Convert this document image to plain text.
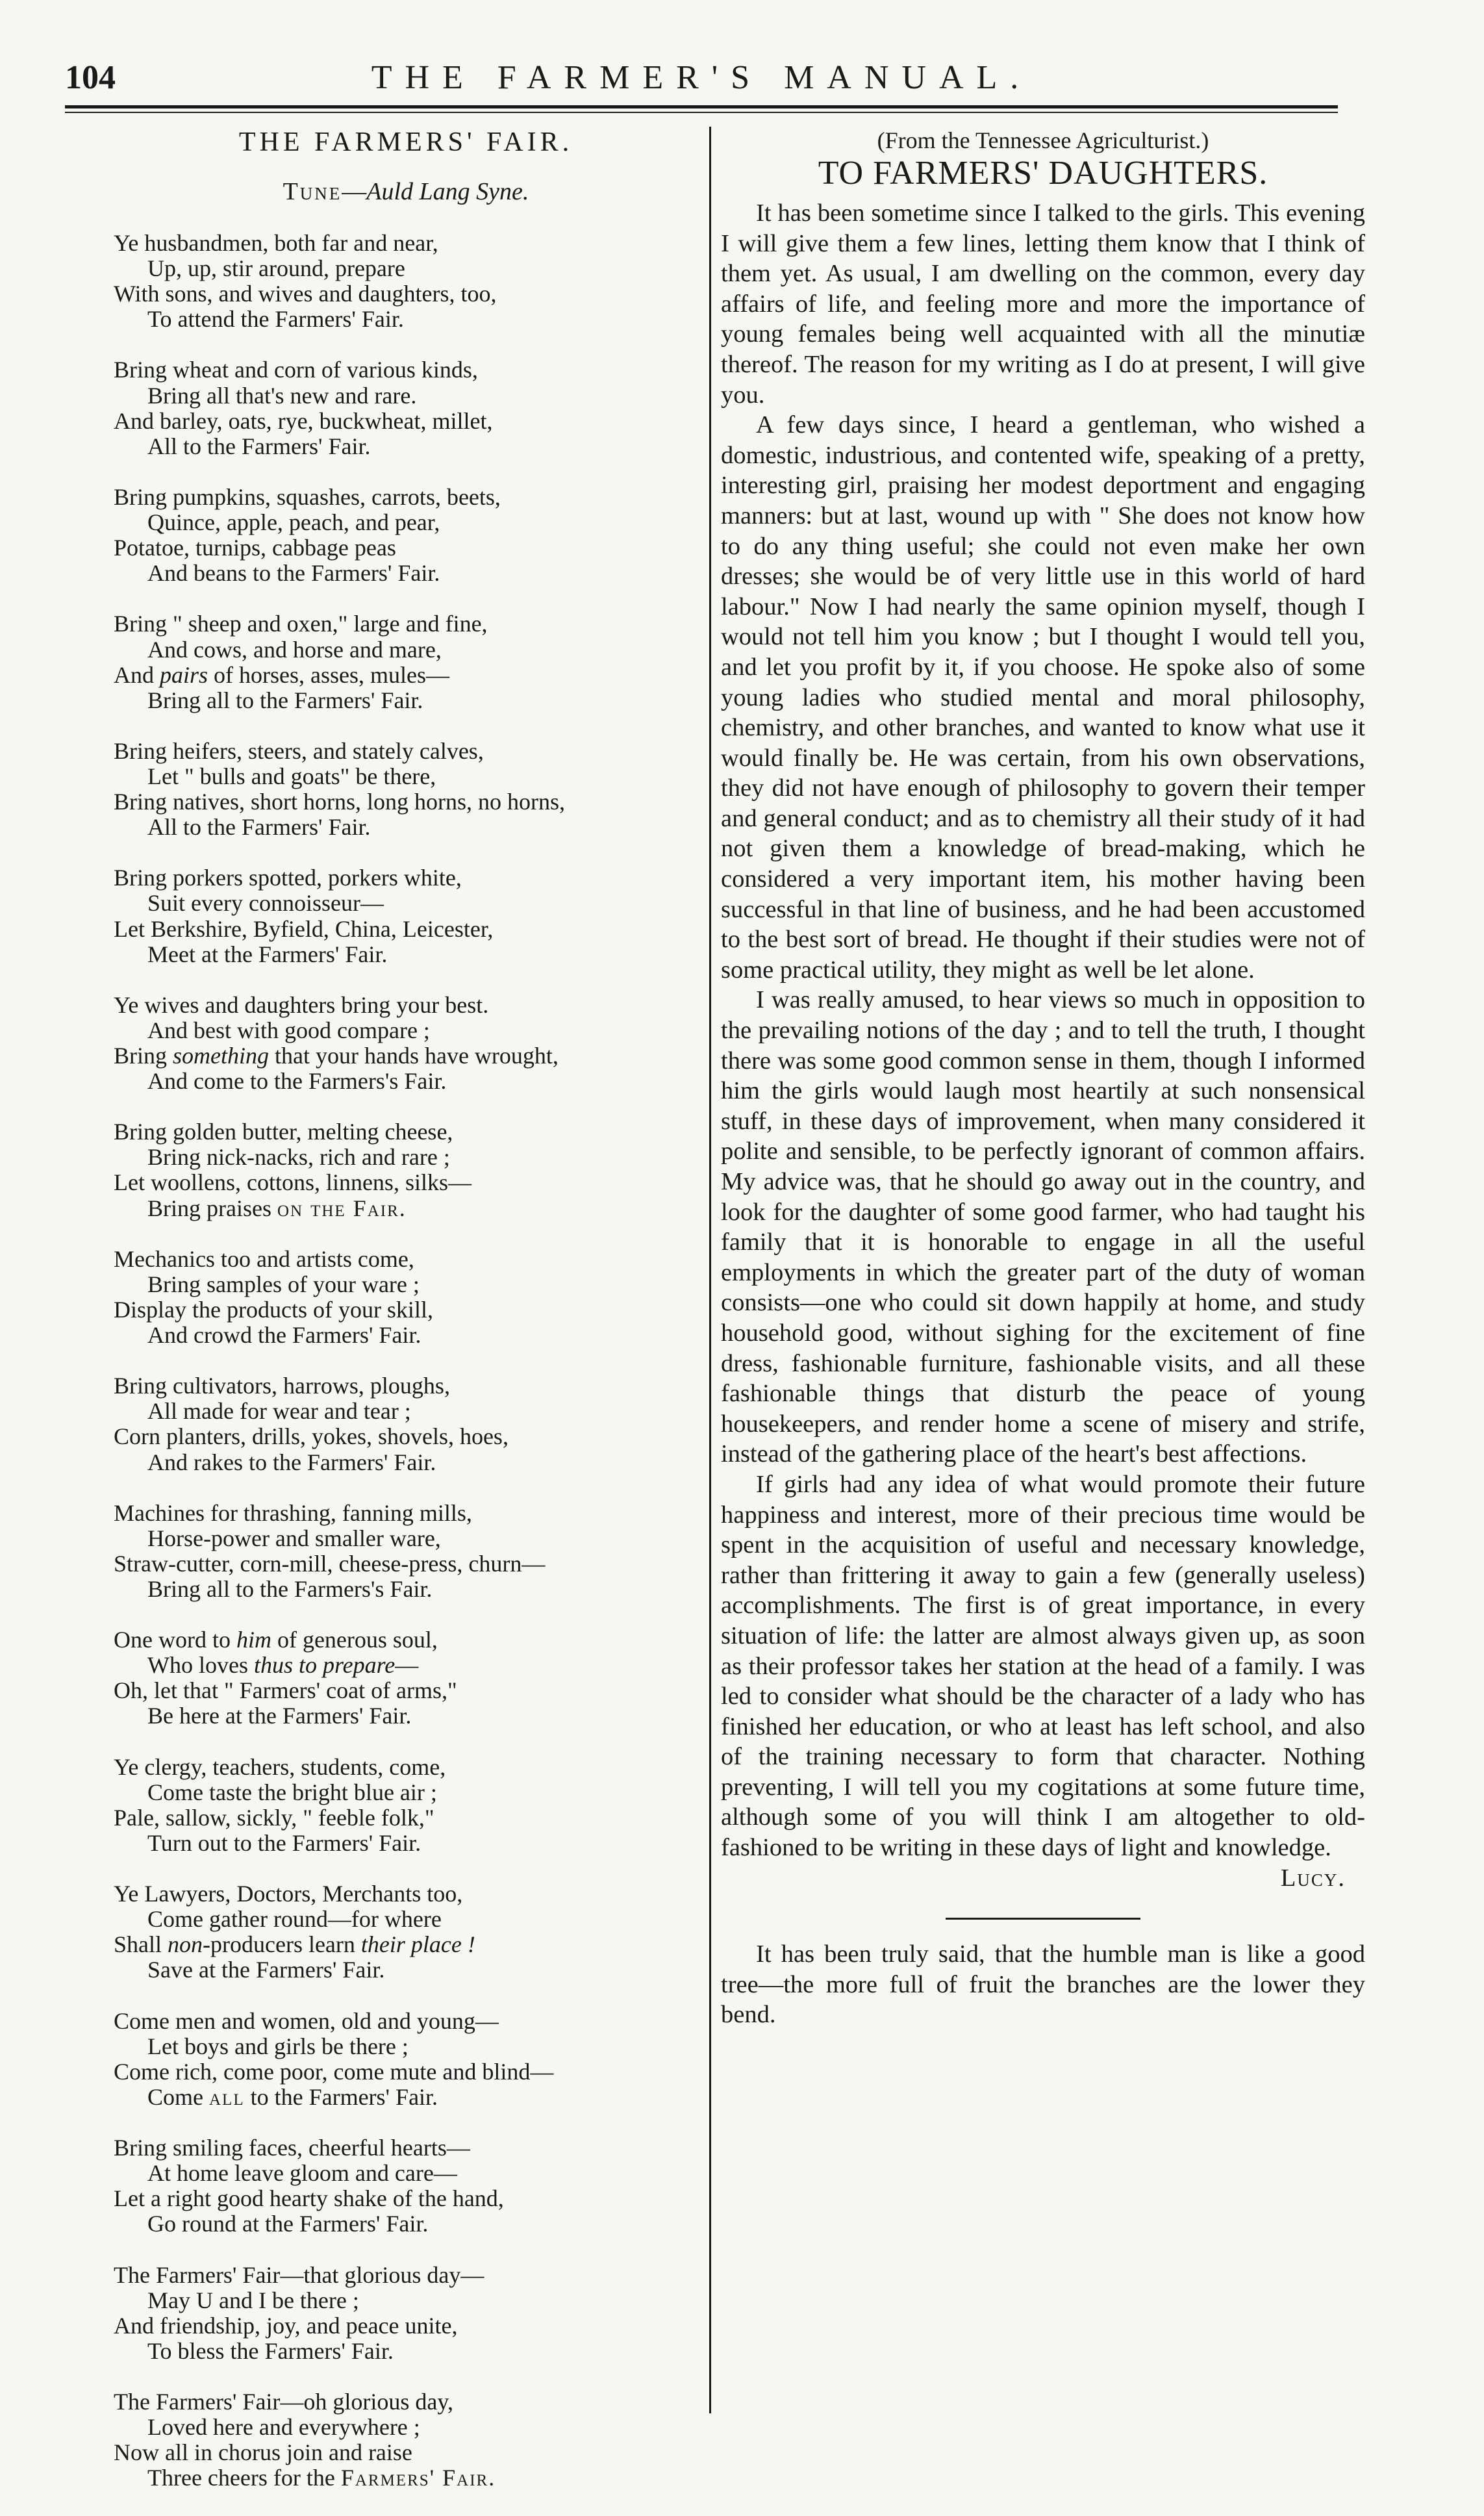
104	THE FARMER'S MANUAL.
THE FARMERS' FAIR.
Tune—Auld Lang Syne.
Ye husbandmen, both far and near,
Up, up, stir around, prepare
With sons, and wives and daughters, too,
To attend the Farmers' Fair.
Bring wheat and corn of various kinds,
Bring all that's new and rare.
And barley, oats, rye, buckwheat, millet,
All to the Farmers' Fair.
Bring pumpkins, squashes, carrots, beets,
Quince, apple, peach, and pear,
Potatoe, turnips, cabbage peas
And beans to the Farmers' Fair.
Bring " sheep and oxen," large and fine,
And cows, and horse and mare,
And pairs of horses, asses, mules—
Bring all to the Farmers' Fair.
Bring heifers, steers, and stately calves,
Let " bulls and goats" be there,
Bring natives, short horns, long horns, no horns,
All to the Farmers' Fair.
Bring porkers spotted, porkers white,
Suit every connoisseur—
Let Berkshire, Byfield, China, Leicester,
Meet at the Farmers' Fair.
Ye wives and daughters bring your best.
And best with good compare ;
Bring something that your hands have wrought,
And come to the Farmers's Fair.
Bring golden butter, melting cheese,
Bring nick-nacks, rich and rare ;
Let woollens, cottons, linnens, silks—
Bring praises on the Fair.
Mechanics too and artists come,
Bring samples of your ware ;
Display the products of your skill,
And crowd the Farmers' Fair.
Bring cultivators, harrows, ploughs,
All made for wear and tear ;
Corn planters, drills, yokes, shovels, hoes,
And rakes to the Farmers' Fair.
Machines for thrashing, fanning mills,
Horse-power and smaller ware,
Straw-cutter, corn-mill, cheese-press, churn—
Bring all to the Farmers's Fair.
One word to him of generous soul,
Who loves thus to prepare—
Oh, let that " Farmers' coat of arms,"
Be here at the Farmers' Fair.
Ye clergy, teachers, students, come,
Come taste the bright blue air ;
Pale, sallow, sickly, " feeble folk,"
Turn out to the Farmers' Fair.
Ye Lawyers, Doctors, Merchants too,
Come gather round—for where
Shall non-producers learn their place !
Save at the Farmers' Fair.
Come men and women, old and young—
Let boys and girls be there ;
Come rich, come poor, come mute and blind—
Come all to the Farmers' Fair.
Bring smiling faces, cheerful hearts—
At home leave gloom and care—
Let a right good hearty shake of the hand,
Go round at the Farmers' Fair.
The Farmers' Fair—that glorious day—
May U and I be there ;
And friendship, joy, and peace unite,
To bless the Farmers' Fair.
The Farmers' Fair—oh glorious day,
Loved here and everywhere ;
Now all in chorus join and raise
Three cheers for the Farmers' Fair.
(From the Tennessee Agriculturist.)
TO FARMERS' DAUGHTERS.

It has been sometime since I talked to the girls. This evening I will give them a few lines, letting them know that I think of them yet. As usual, I am dwelling on the common, every day affairs of life, and feeling more and more the importance of young females being well acquainted with all the minutiæ thereof. The reason for my writing as I do at present, I will give you.

A few days since, I heard a gentleman, who wished a domestic, industrious, and contented wife, speaking of a pretty, interesting girl, praising her modest deportment and engaging manners: but at last, wound up with " She does not know how to do any thing useful; she could not even make her own dresses; she would be of very little use in this world of hard labour." Now I had nearly the same opinion myself, though I would not tell him you know ; but I thought I would tell you, and let you profit by it, if you choose. He spoke also of some young ladies who studied mental and moral philosophy, chemistry, and other branches, and wanted to know what use it would finally be. He was certain, from his own observations, they did not have enough of philosophy to govern their temper and general conduct; and as to chemistry all their study of it had not given them a knowledge of bread-making, which he considered a very important item, his mother having been successful in that line of business, and he had been accustomed to the best sort of bread. He thought if their studies were not of some practical utility, they might as well be let alone.

I was really amused, to hear views so much in opposition to the prevailing notions of the day ; and to tell the truth, I thought there was some good common sense in them, though I informed him the girls would laugh most heartily at such nonsensical stuff, in these days of improvement, when many considered it polite and sensible, to be perfectly ignorant of common affairs. My advice was, that he should go away out in the country, and look for the daughter of some good farmer, who had taught his family that it is honorable to engage in all the useful employments in which the greater part of the duty of woman consists—one who could sit down happily at home, and study household good, without sighing for the excitement of fine dress, fashionable furniture, fashionable visits, and all these fashionable things that disturb the peace of young housekeepers, and render home a scene of misery and strife, instead of the gathering place of the heart's best affections.

If girls had any idea of what would promote their future happiness and interest, more of their precious time would be spent in the acquisition of useful and necessary knowledge, rather than frittering it away to gain a few (generally useless) accomplishments. The first is of great importance, in every situation of life: the latter are almost always given up, as soon as their professor takes her station at the head of a family. I was led to consider what should be the character of a lady who has finished her education, or who at least has left school, and also of the training necessary to form that character. Nothing preventing, I will tell you my cogitations at some future time, although some of you will think I am altogether to old-fashioned to be writing in these days of light and knowledge.

Lucy.

It has been truly said, that the humble man is like a good tree—the more full of fruit the branches are the lower they bend.
